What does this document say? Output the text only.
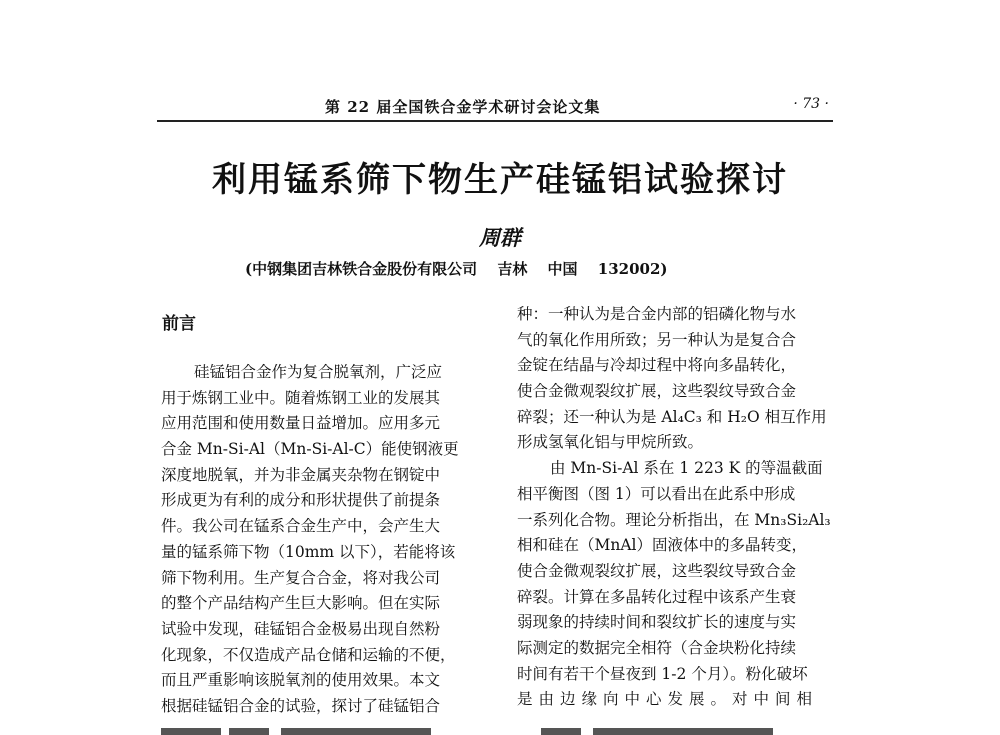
第 22 届全国铁合金学术研讨会论文集	· 73 ·
利用锰系筛下物生产硅锰铝试验探讨
周群
(中钢集团吉林铁合金股份有限公司　 吉林　 中国　 132002)
前言
硅锰铝合金作为复合脱氧剂，广泛应
用于炼钢工业中。随着炼钢工业的发展其
应用范围和使用数量日益增加。应用多元
合金 Mn-Si-Al（Mn-Si-Al-C）能使钢液更
深度地脱氧，并为非金属夹杂物在钢锭中
形成更为有利的成分和形状提供了前提条
件。我公司在锰系合金生产中，会产生大
量的锰系筛下物（10mm 以下），若能将该
筛下物利用。生产复合合金，将对我公司
的整个产品结构产生巨大影响。但在实际
试验中发现，硅锰铝合金极易出现自然粉
化现象，不仅造成产品仓储和运输的不便，
而且严重影响该脱氧剂的使用效果。本文
根据硅锰铝合金的试验，探讨了硅锰铝合
种：一种认为是合金内部的铝磷化物与水
气的氧化作用所致；另一种认为是复合合
金锭在结晶与冷却过程中将向多晶转化，
使合金微观裂纹扩展，这些裂纹导致合金
碎裂；还一种认为是 Al₄C₃ 和 H₂O 相互作用
形成氢氧化铝与甲烷所致。
由 Mn-Si-Al 系在 1 223 K 的等温截面
相平衡图（图 1）可以看出在此系中形成
一系列化合物。理论分析指出，在 Mn₃Si₂Al₃
相和硅在（MnAl）固液体中的多晶转变，
使合金微观裂纹扩展，这些裂纹导致合金
碎裂。计算在多晶转化过程中该系产生衰
弱现象的持续时间和裂纹扩长的速度与实
际测定的数据完全相符（合金块粉化持续
时间有若干个昼夜到 1-2 个月）。粉化破坏
是由边缘向中心发展。对中间相
